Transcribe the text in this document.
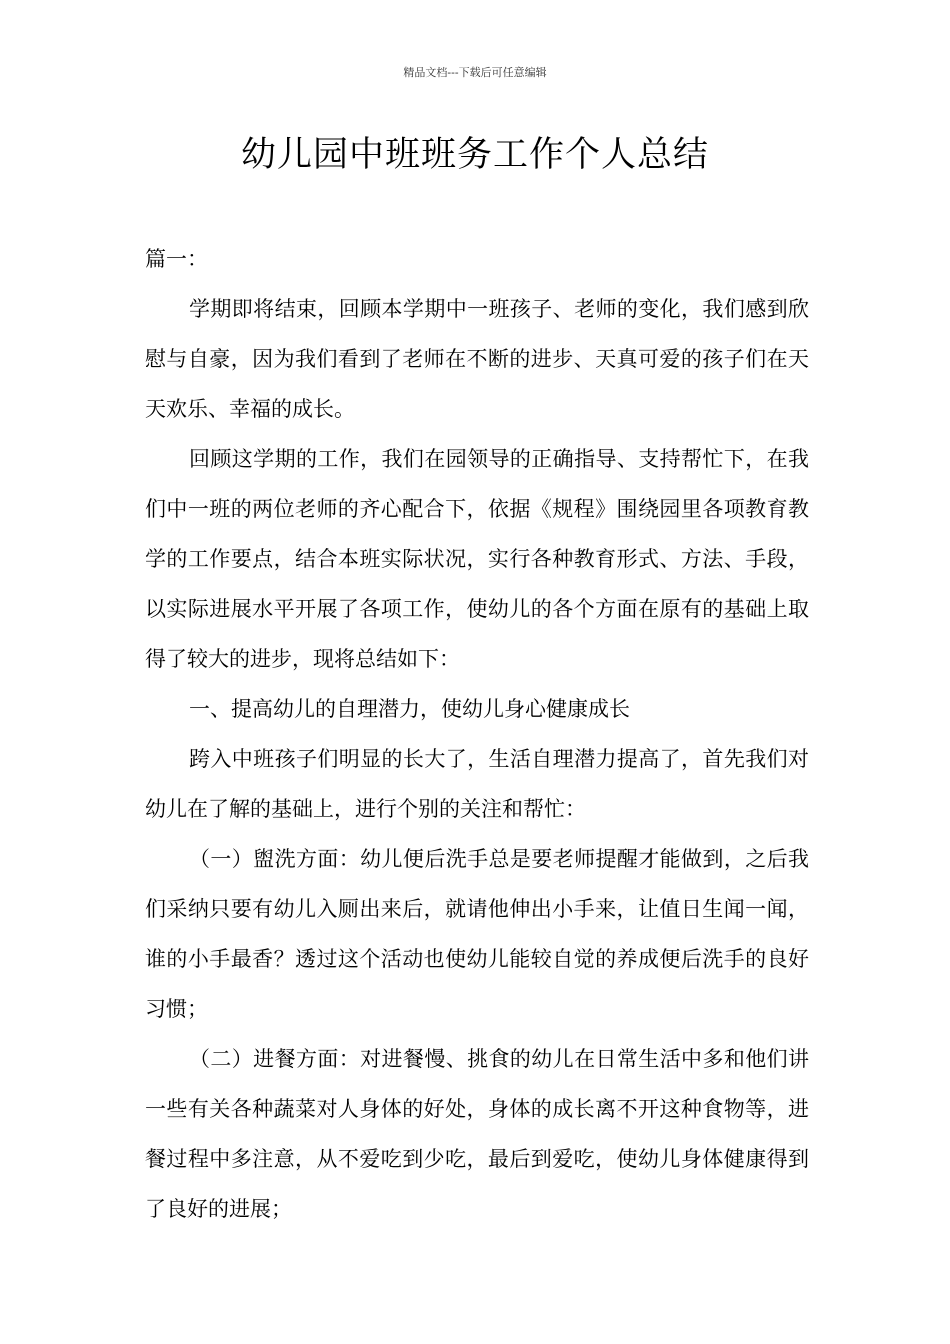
精品文档---下载后可任意编辑
幼儿园中班班务工作个人总结

篇一：

学期即将结束，回顾本学期中一班孩子、老师的变化，我们感到欣慰与自豪，因为我们看到了老师在不断的进步、天真可爱的孩子们在天天欢乐、幸福的成长。

回顾这学期的工作，我们在园领导的正确指导、支持帮忙下，在我们中一班的两位老师的齐心配合下，依据《规程》围绕园里各项教育教学的工作要点，结合本班实际状况，实行各种教育形式、方法、手段，以实际进展水平开展了各项工作，使幼儿的各个方面在原有的基础上取得了较大的进步，现将总结如下：

一、提高幼儿的自理潜力，使幼儿身心健康成长

跨入中班孩子们明显的长大了，生活自理潜力提高了，首先我们对幼儿在了解的基础上，进行个别的关注和帮忙：

（一）盥洗方面：幼儿便后洗手总是要老师提醒才能做到，之后我们采纳只要有幼儿入厕出来后，就请他伸出小手来，让值日生闻一闻，谁的小手最香？透过这个活动也使幼儿能较自觉的养成便后洗手的良好习惯；

（二）进餐方面：对进餐慢、挑食的幼儿在日常生活中多和他们讲一些有关各种蔬菜对人身体的好处，身体的成长离不开这种食物等，进餐过程中多注意，从不爱吃到少吃，最后到爱吃，使幼儿身体健康得到了良好的进展；
